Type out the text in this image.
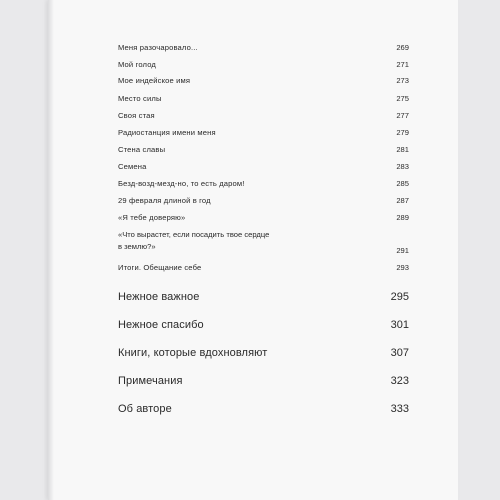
Меня разочаровало...	269
Мой голод	271
Мое индейское имя	273
Место силы	275
Своя стая	277
Радиостанция имени меня	279
Стена славы	281
Семена	283
Безд-возд-мезд-но, то есть даром!	285
29 февраля длиной в год	287
«Я тебе доверяю»	289
«Что вырастет, если посадить твое сердце
в землю?»	291
Итоги. Обещание себе	293
Нежное важное	295
Нежное спасибо	301
Книги, которые вдохновляют	307
Примечания	323
Об авторе	333
